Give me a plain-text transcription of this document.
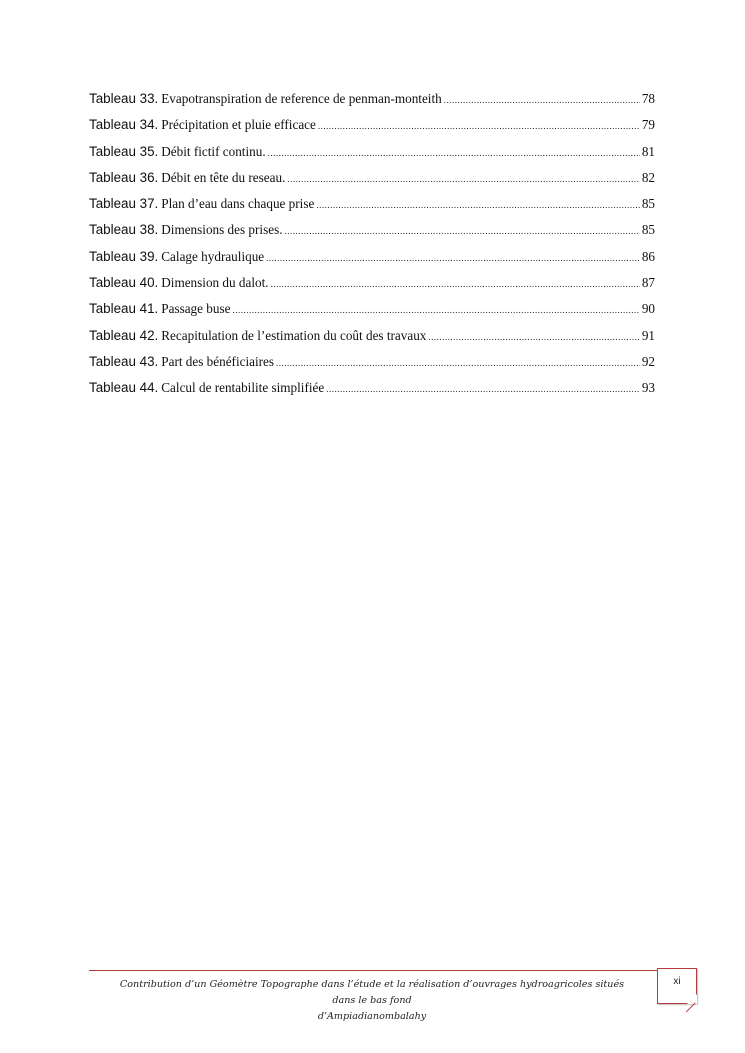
Tableau 33. Evapotranspiration de reference de penman-monteith .....	78
Tableau 34. Précipitation et pluie efficace .....	79
Tableau 35. Débit fictif continu. .....	81
Tableau 36. Débit en tête du reseau. .....	82
Tableau 37. Plan d’eau dans chaque prise .....	85
Tableau 38. Dimensions des prises. .....	85
Tableau 39. Calage hydraulique .....	86
Tableau 40. Dimension du dalot. .....	87
Tableau 41. Passage buse .....	90
Tableau 42. Recapitulation de l’estimation du coût des travaux .....	91
Tableau 43. Part des bénéficiaires .....	92
Tableau 44. Calcul de rentabilite simplifiée .....	93
Contribution d’un Géomètre Topographe dans l’étude et la réalisation d’ouvrages hydroagricoles situés dans le bas fond
d’Ampiadianombalahy
xi
